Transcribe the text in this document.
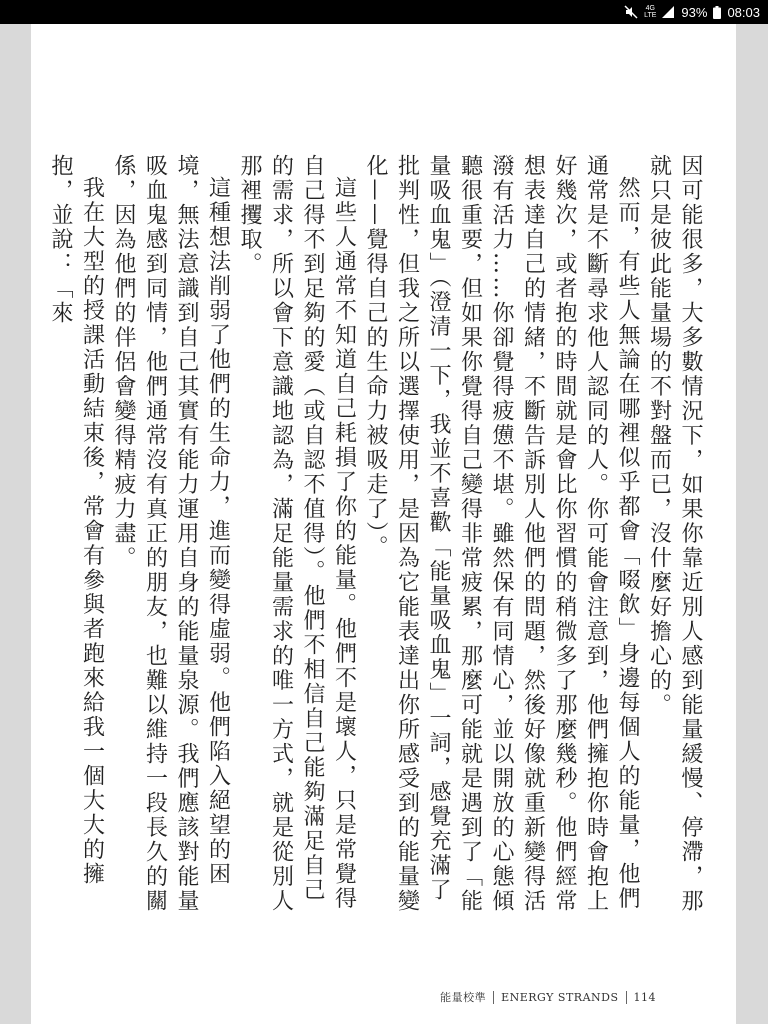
4G
LTE 93% 08:03

因可能很多，大多數情況下，如果你靠近別人感到能量緩慢、停滯，那就只是彼此能量場的不對盤而已，沒什麼好擔心的。

然而，有些人無論在哪裡似乎都會「啜飲」身邊每個人的能量，他們通常是不斷尋求他人認同的人。你可能會注意到，他們擁抱你時會抱上好幾次，或者抱的時間就是會比你習慣的稍微多了那麼幾秒。他們經常想表達自己的情緒，不斷告訴別人他們的問題，然後好像就重新變得活潑有活力……你卻覺得疲憊不堪。雖然保有同情心，並以開放的心態傾聽很重要，但如果你覺得自己變得非常疲累，那麼可能就是遇到了「能量吸血鬼」（澄清一下，我並不喜歡「能量吸血鬼」一詞，感覺充滿了批判性，但我之所以選擇使用，是因為它能表達出你所感受到的能量變化——覺得自己的生命力被吸走了）。

這些人通常不知道自己耗損了你的能量。他們不是壞人，只是常覺得自己得不到足夠的愛（或自認不值得）。他們不相信自己能夠滿足自己的需求，所以會下意識地認為，滿足能量需求的唯一方式，就是從別人那裡攫取。

這種想法削弱了他們的生命力，進而變得虛弱。他們陷入絕望的困境，無法意識到自己其實有能力運用自身的能量泉源。我們應該對能量吸血鬼感到同情，他們通常沒有真正的朋友，也難以維持一段長久的關係，因為他們的伴侶會變得精疲力盡。

我在大型的授課活動結束後，常會有參與者跑來給我一個大大的擁抱，並說：「來

能量校準 ENERGY STRANDS 114
